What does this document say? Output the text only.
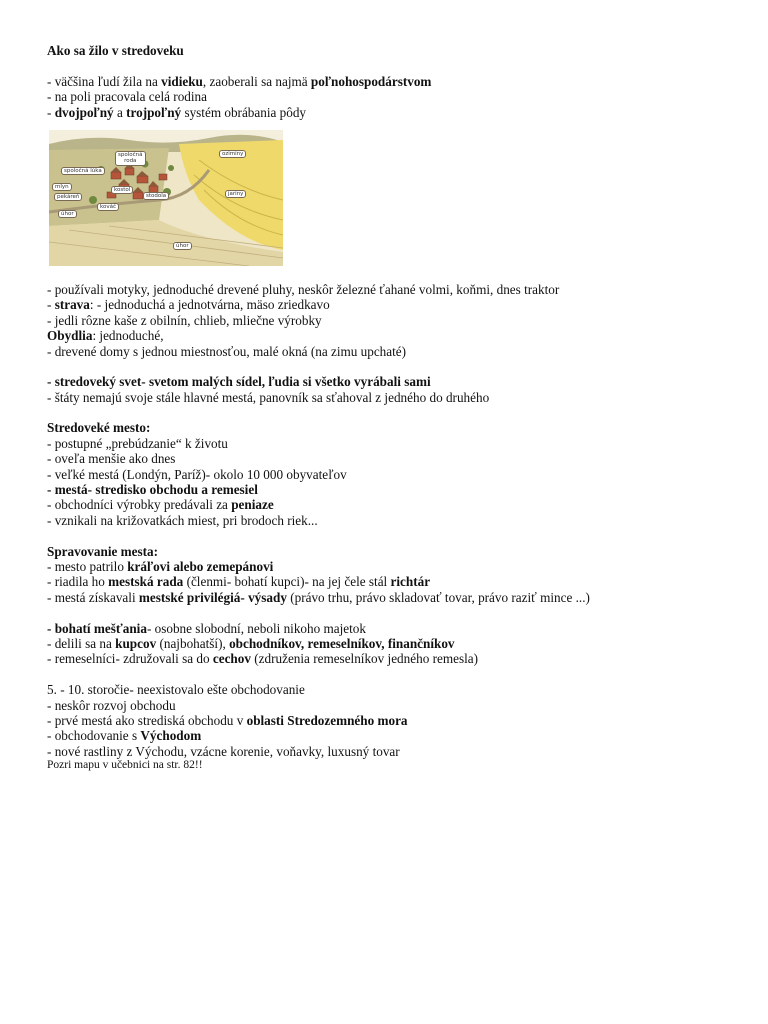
Ako sa žilo v stredoveku
- väčšina ľudí žila na vidieku, zaoberali sa najmä poľnohospodárstvom
- na poli pracovala celá rodina
- dvojpoľný a trojpoľný systém obrábania pôdy
spoločná
roda
spoločná lúka
mlyn
pekáreň
kostol
stodola
kováč
úhor
oziminy
jariny
úhor
- používali motyky, jednoduché drevené pluhy, neskôr železné ťahané volmi, koňmi, dnes traktor
- strava: - jednoduchá a jednotvárna, mäso zriedkavo
- jedli rôzne kaše z obilnín, chlieb, mliečne výrobky
Obydlia: jednoduché,
- drevené domy s jednou miestnosťou, malé okná (na zimu upchaté)
- stredoveký svet- svetom malých sídel, ľudia si všetko vyrábali sami
- štáty nemajú svoje stále hlavné mestá, panovník sa sťahoval z jedného do druhého
Stredoveké mesto:
- postupné „prebúdzanie“ k životu
- oveľa menšie ako dnes
- veľké mestá (Londýn, Paríž)- okolo 10 000 obyvateľov
- mestá- stredisko obchodu a remesiel
- obchodníci výrobky predávali za peniaze
- vznikali na križovatkách miest, pri brodoch riek...
Spravovanie mesta:
- mesto patrilo kráľovi alebo zemepánovi
- riadila ho mestská rada (členmi- bohatí kupci)- na jej čele stál richtár
- mestá získavali mestské privilégiá- výsady (právo trhu, právo skladovať tovar, právo raziť mince ...)
- bohatí mešťania- osobne slobodní, neboli nikoho majetok
- delili sa na kupcov (najbohatší), obchodníkov, remeselníkov, finančníkov
- remeselníci- združovali sa do cechov (združenia remeselníkov jedného remesla)
5. - 10. storočie- neexistovalo ešte obchodovanie
- neskôr rozvoj obchodu
- prvé mestá ako strediská obchodu v oblasti Stredozemného mora
- obchodovanie s Východom
- nové rastliny z Východu, vzácne korenie, voňavky, luxusný tovar
Pozri mapu v učebnici na str. 82!!
